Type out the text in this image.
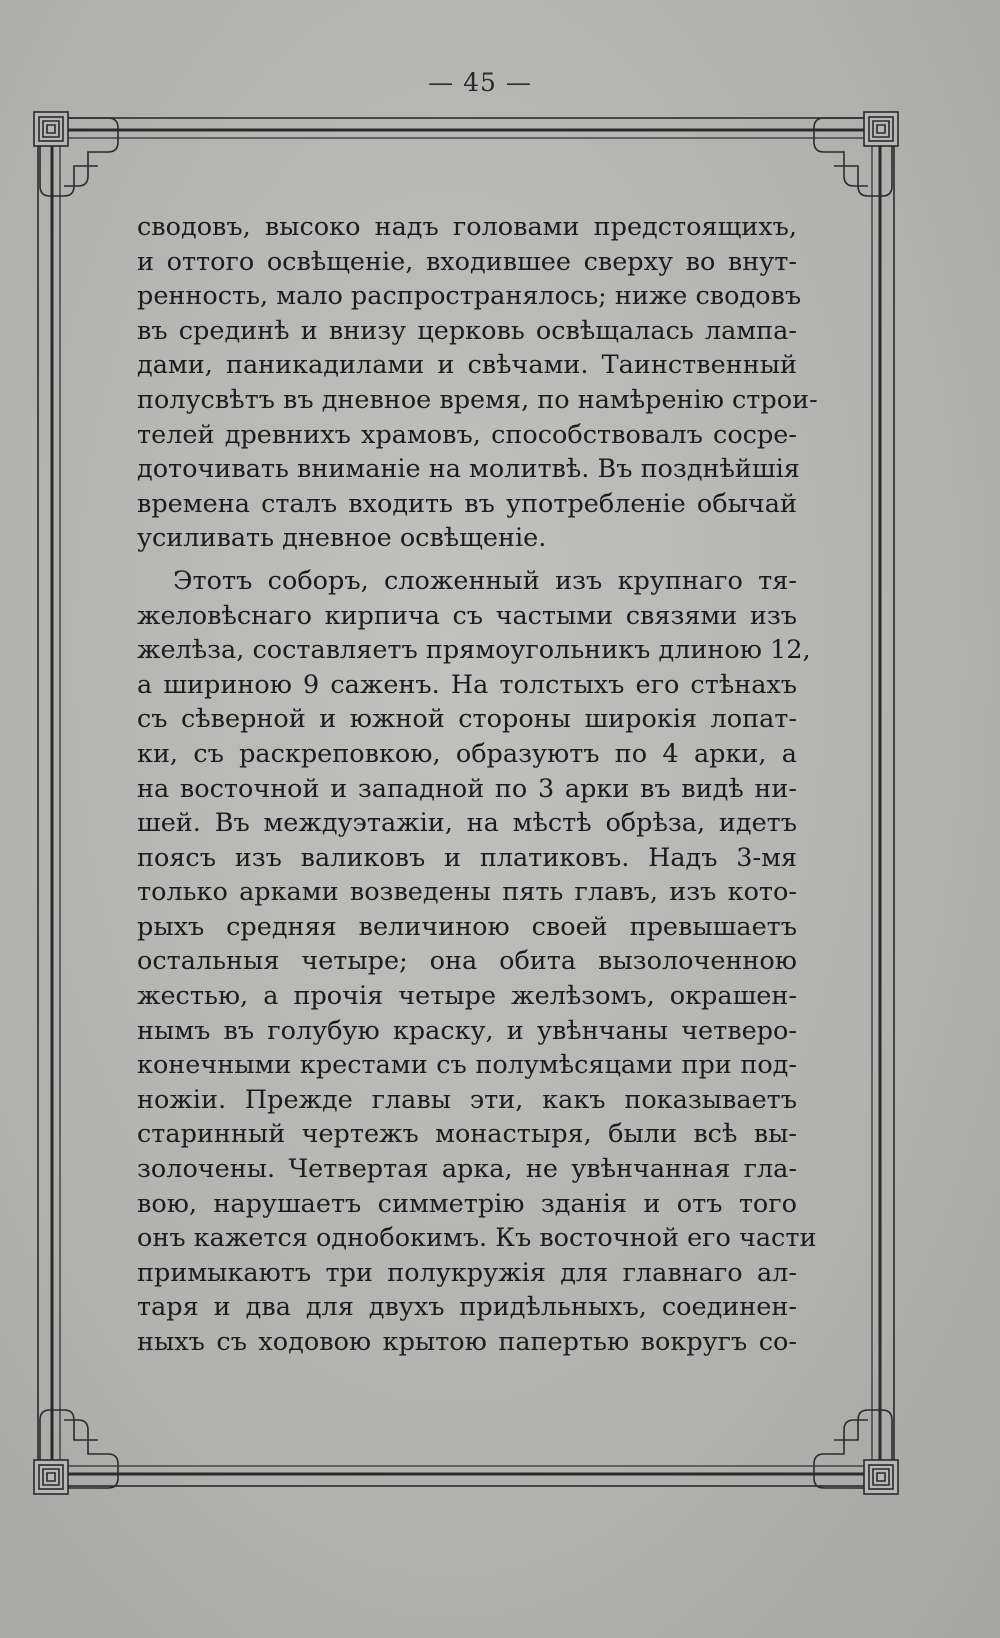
— 45 —
сводовъ, высоко надъ головами предстоящихъ,
и оттого освѣщеніе, входившее сверху во внут-
ренность, мало распространялось; ниже сводовъ
въ срединѣ и внизу церковь освѣщалась лампа-
дами, паникадилами и свѣчами. Таинственный
полусвѣтъ въ дневное время, по намѣренію строи-
телей древнихъ храмовъ, способствовалъ сосре-
доточивать вниманіе на молитвѣ. Въ позднѣйшія
времена сталъ входить въ употребленіе обычай
усиливать дневное освѣщеніе.
Этотъ соборъ, сложенный изъ крупнаго тя-
желовѣснаго кирпича съ частыми связями изъ
желѣза, составляетъ прямоугольникъ длиною 12,
а шириною 9 саженъ. На толстыхъ его стѣнахъ
съ сѣверной и южной стороны широкія лопат-
ки, съ раскреповкою, образуютъ по 4 арки, а
на восточной и западной по 3 арки въ видѣ ни-
шей. Въ междуэтажіи, на мѣстѣ обрѣза, идетъ
поясъ изъ валиковъ и платиковъ. Надъ 3-мя
только арками возведены пять главъ, изъ кото-
рыхъ средняя величиною своей превышаетъ
остальныя четыре; она обита вызолоченною
жестью, а прочія четыре желѣзомъ, окрашен-
нымъ въ голубую краску, и увѣнчаны четверо-
конечными крестами съ полумѣсяцами при под-
ножіи. Прежде главы эти, какъ показываетъ
старинный чертежъ монастыря, были всѣ вы-
золочены. Четвертая арка, не увѣнчанная гла-
вою, нарушаетъ симметрію зданія и отъ того
онъ кажется однобокимъ. Къ восточной его части
примыкаютъ три полукружія для главнаго ал-
таря и два для двухъ придѣльныхъ, соединен-
ныхъ съ ходовою крытою папертью вокругъ со-
